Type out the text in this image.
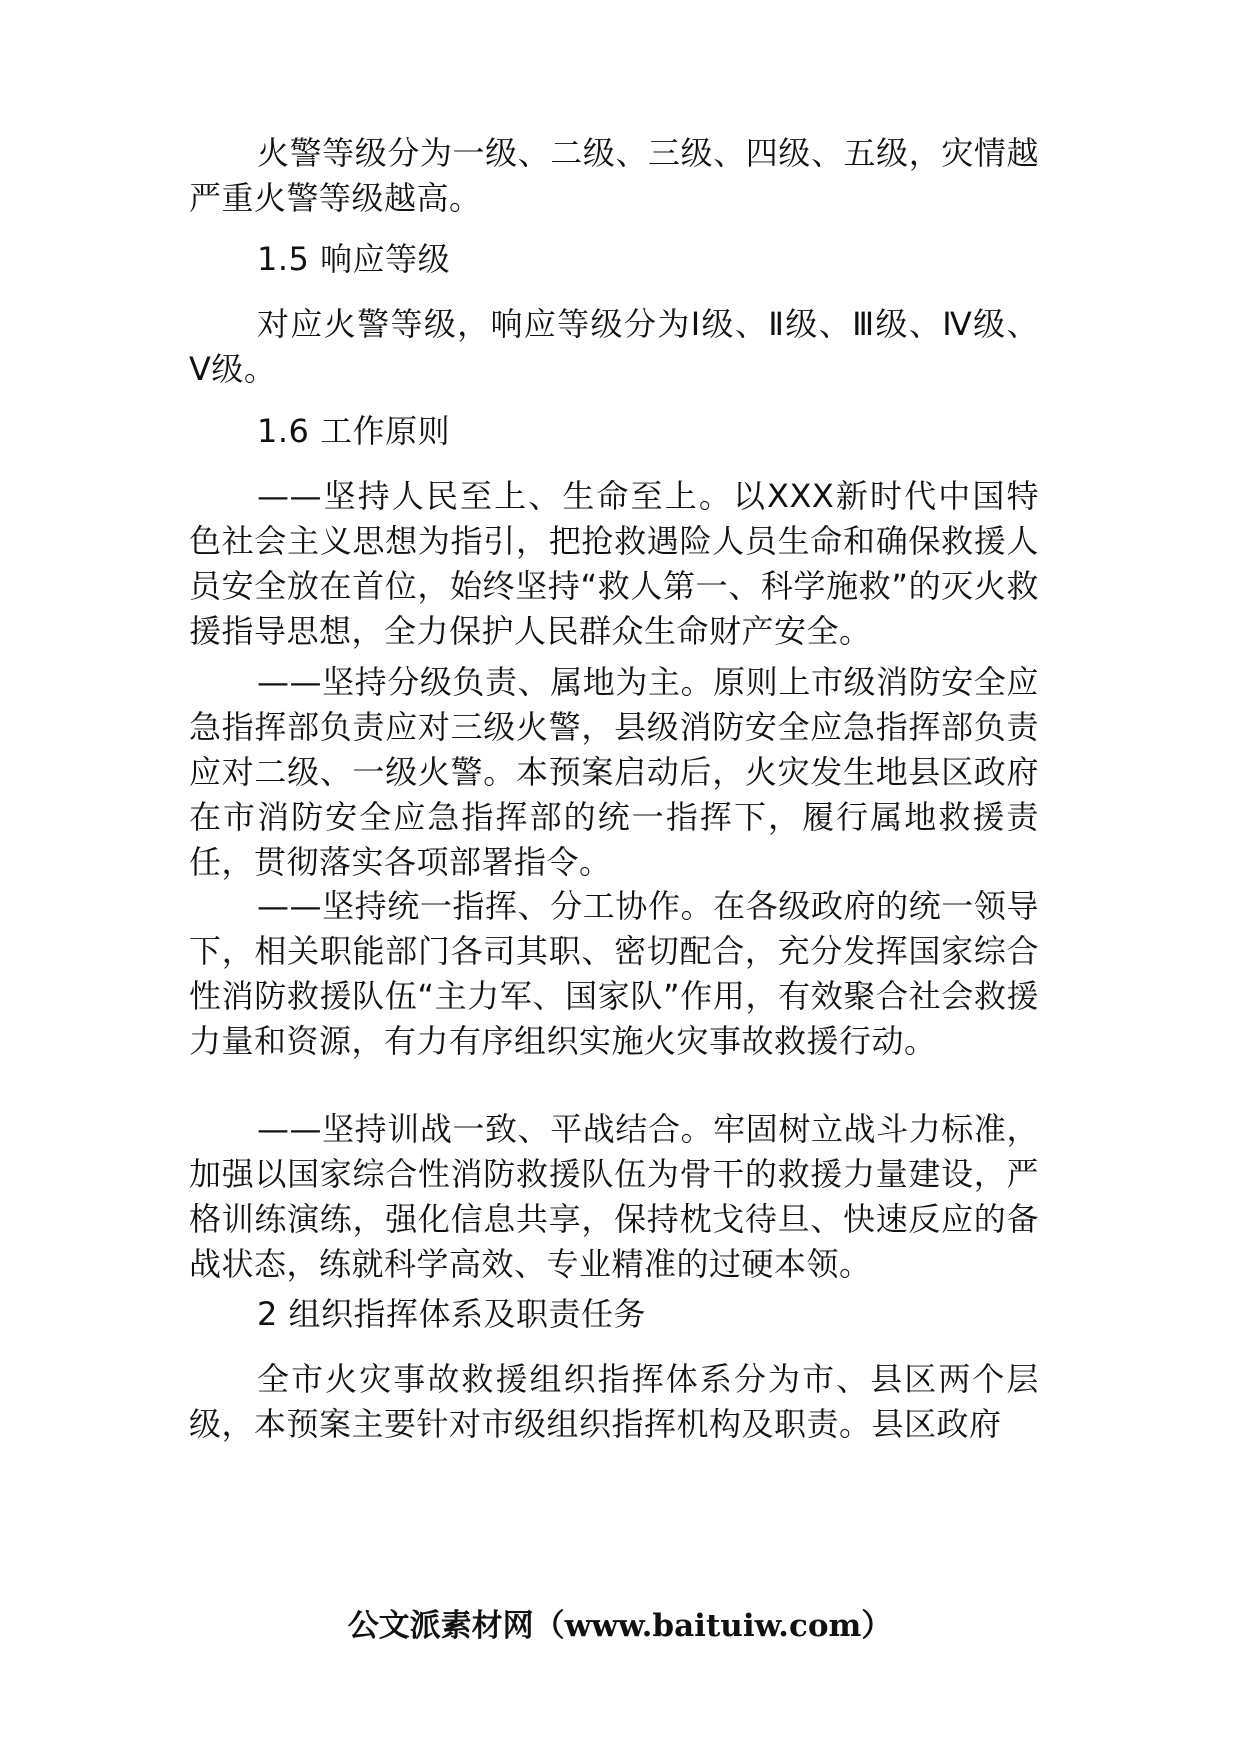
火警等级分为一级、二级、三级、四级、五级，灾情越严重火警等级越高。

1.5 响应等级

对应火警等级，响应等级分为Ⅰ级、Ⅱ级、Ⅲ级、Ⅳ级、Ⅴ级。

1.6 工作原则

——坚持人民至上、生命至上。以XXX新时代中国特色社会主义思想为指引，把抢救遇险人员生命和确保救援人员安全放在首位，始终坚持“救人第一、科学施救”的灭火救援指导思想，全力保护人民群众生命财产安全。

——坚持分级负责、属地为主。原则上市级消防安全应急指挥部负责应对三级火警，县级消防安全应急指挥部负责应对二级、一级火警。本预案启动后，火灾发生地县区政府在市消防安全应急指挥部的统一指挥下，履行属地救援责任，贯彻落实各项部署指令。

——坚持统一指挥、分工协作。在各级政府的统一领导下，相关职能部门各司其职、密切配合，充分发挥国家综合性消防救援队伍“主力军、国家队”作用，有效聚合社会救援力量和资源，有力有序组织实施火灾事故救援行动。

——坚持训战一致、平战结合。牢固树立战斗力标准，加强以国家综合性消防救援队伍为骨干的救援力量建设，严格训练演练，强化信息共享，保持枕戈待旦、快速反应的备战状态，练就科学高效、专业精准的过硬本领。

2 组织指挥体系及职责任务

全市火灾事故救援组织指挥体系分为市、县区两个层级，本预案主要针对市级组织指挥机构及职责。县区政府

公文派素材网（www.baituiw.com）
